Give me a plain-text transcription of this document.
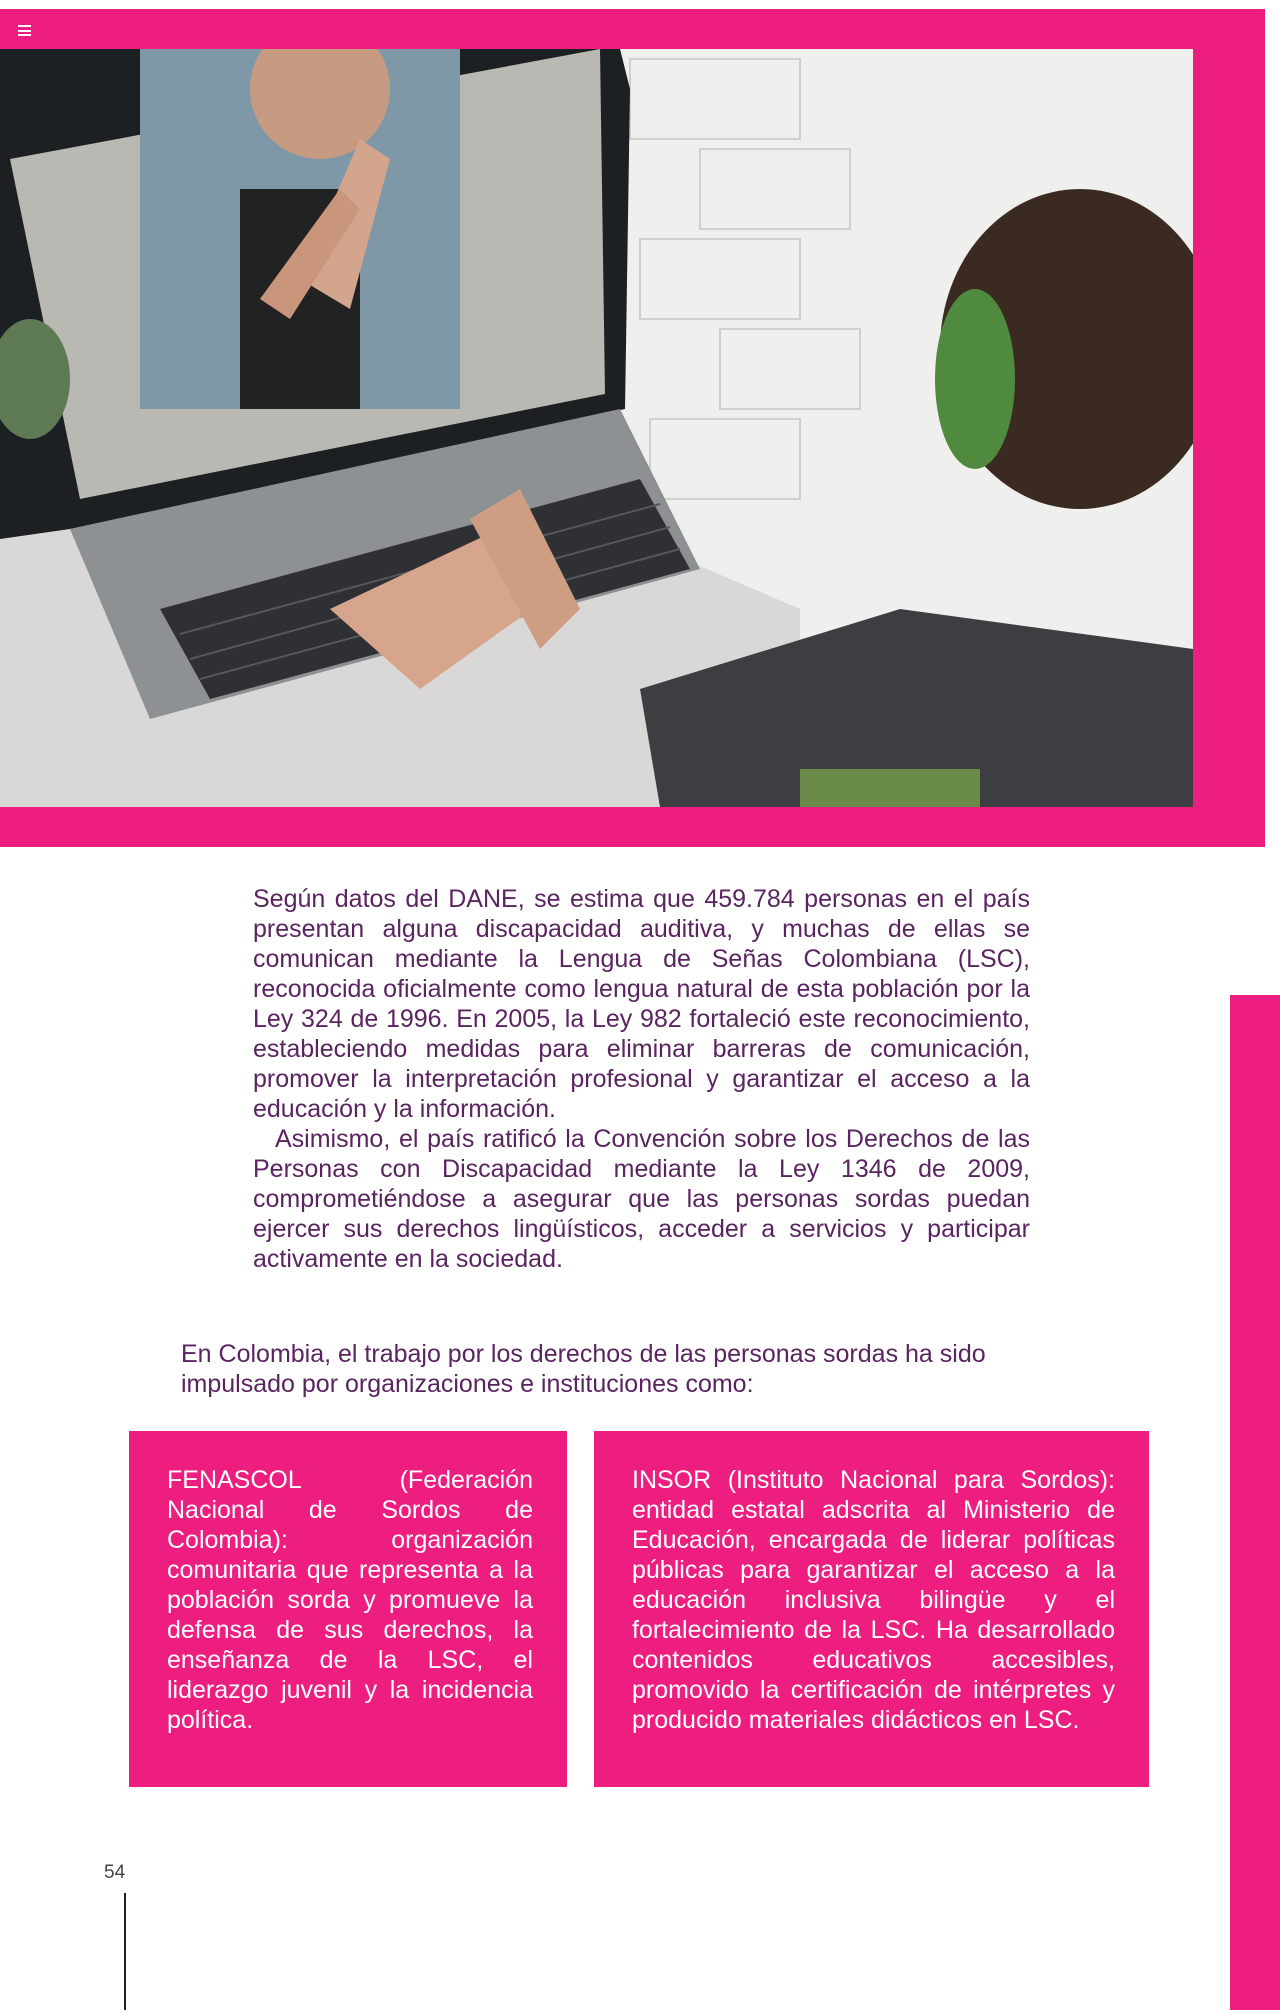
Según datos del DANE, se estima que 459.784 personas en el país presentan alguna discapacidad auditiva, y muchas de ellas se comunican mediante la Lengua de Señas Colombiana (LSC), reconocida oficialmente como lengua natural de esta población por la Ley 324 de 1996. En 2005, la Ley 982 fortaleció este reconocimiento, estableciendo medidas para eliminar barreras de comunicación, promover la interpretación profesional y garantizar el acceso a la educación y la información.

Asimismo, el país ratificó la Convención sobre los Derechos de las Personas con Discapacidad mediante la Ley 1346 de 2009, comprometiéndose a asegurar que las personas sordas puedan ejercer sus derechos lingüísticos, acceder a servicios y participar activamente en la sociedad.

En Colombia, el trabajo por los derechos de las personas sordas ha sido impulsado por organizaciones e instituciones como:

FENASCOL (Federación Nacional de Sordos de Colombia): organización comunitaria que representa a la población sorda y promueve la defensa de sus derechos, la enseñanza de la LSC, el liderazgo juvenil y la incidencia política.
INSOR (Instituto Nacional para Sordos): entidad estatal adscrita al Ministerio de Educación, encargada de liderar políticas públicas para garantizar el acceso a la educación inclusiva bilingüe y el fortalecimiento de la LSC. Ha desarrollado contenidos educativos accesibles, promovido la certificación de intérpretes y producido materiales didácticos en LSC.
54
